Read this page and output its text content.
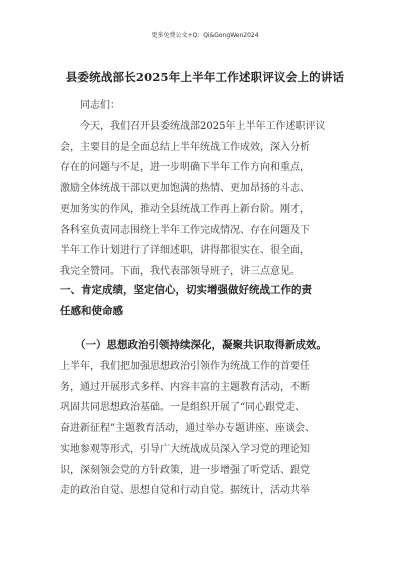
更多免费公文+Q：Qi&GongWen2024
县委统战部长2025年上半年工作述职评议会上的讲话

同志们：

今天，我们召开县委统战部2025年上半年工作述职评议
会，主要目的是全面总结上半年统战工作成效，深入分析
存在的问题与不足，进一步明确下半年工作方向和重点，
激励全体统战干部以更加饱满的热情、更加昂扬的斗志、
更加务实的作风，推动全县统战工作再上新台阶。刚才，
各科室负责同志围绕上半年工作完成情况、存在问题及下
半年工作计划进行了详细述职，讲得都很实在、很全面，
我完全赞同。下面，我代表部领导班子，讲三点意见。

一、肯定成绩，坚定信心，切实增强做好统战工作的责
任感和使命感
（一）思想政治引领持续深化，凝聚共识取得新成效。

上半年，我们把加强思想政治引领作为统战工作的首要任
务，通过开展形式多样、内容丰富的主题教育活动，不断
巩固共同思想政治基础。一是组织开展了“同心跟党走、
奋进新征程”主题教育活动，通过举办专题讲座、座谈会、
实地参观等形式，引导广大统战成员深入学习党的理论知
识，深刻领会党的方针政策，进一步增强了听党话、跟党
走的政治自觉、思想自觉和行动自觉。据统计，活动共举
